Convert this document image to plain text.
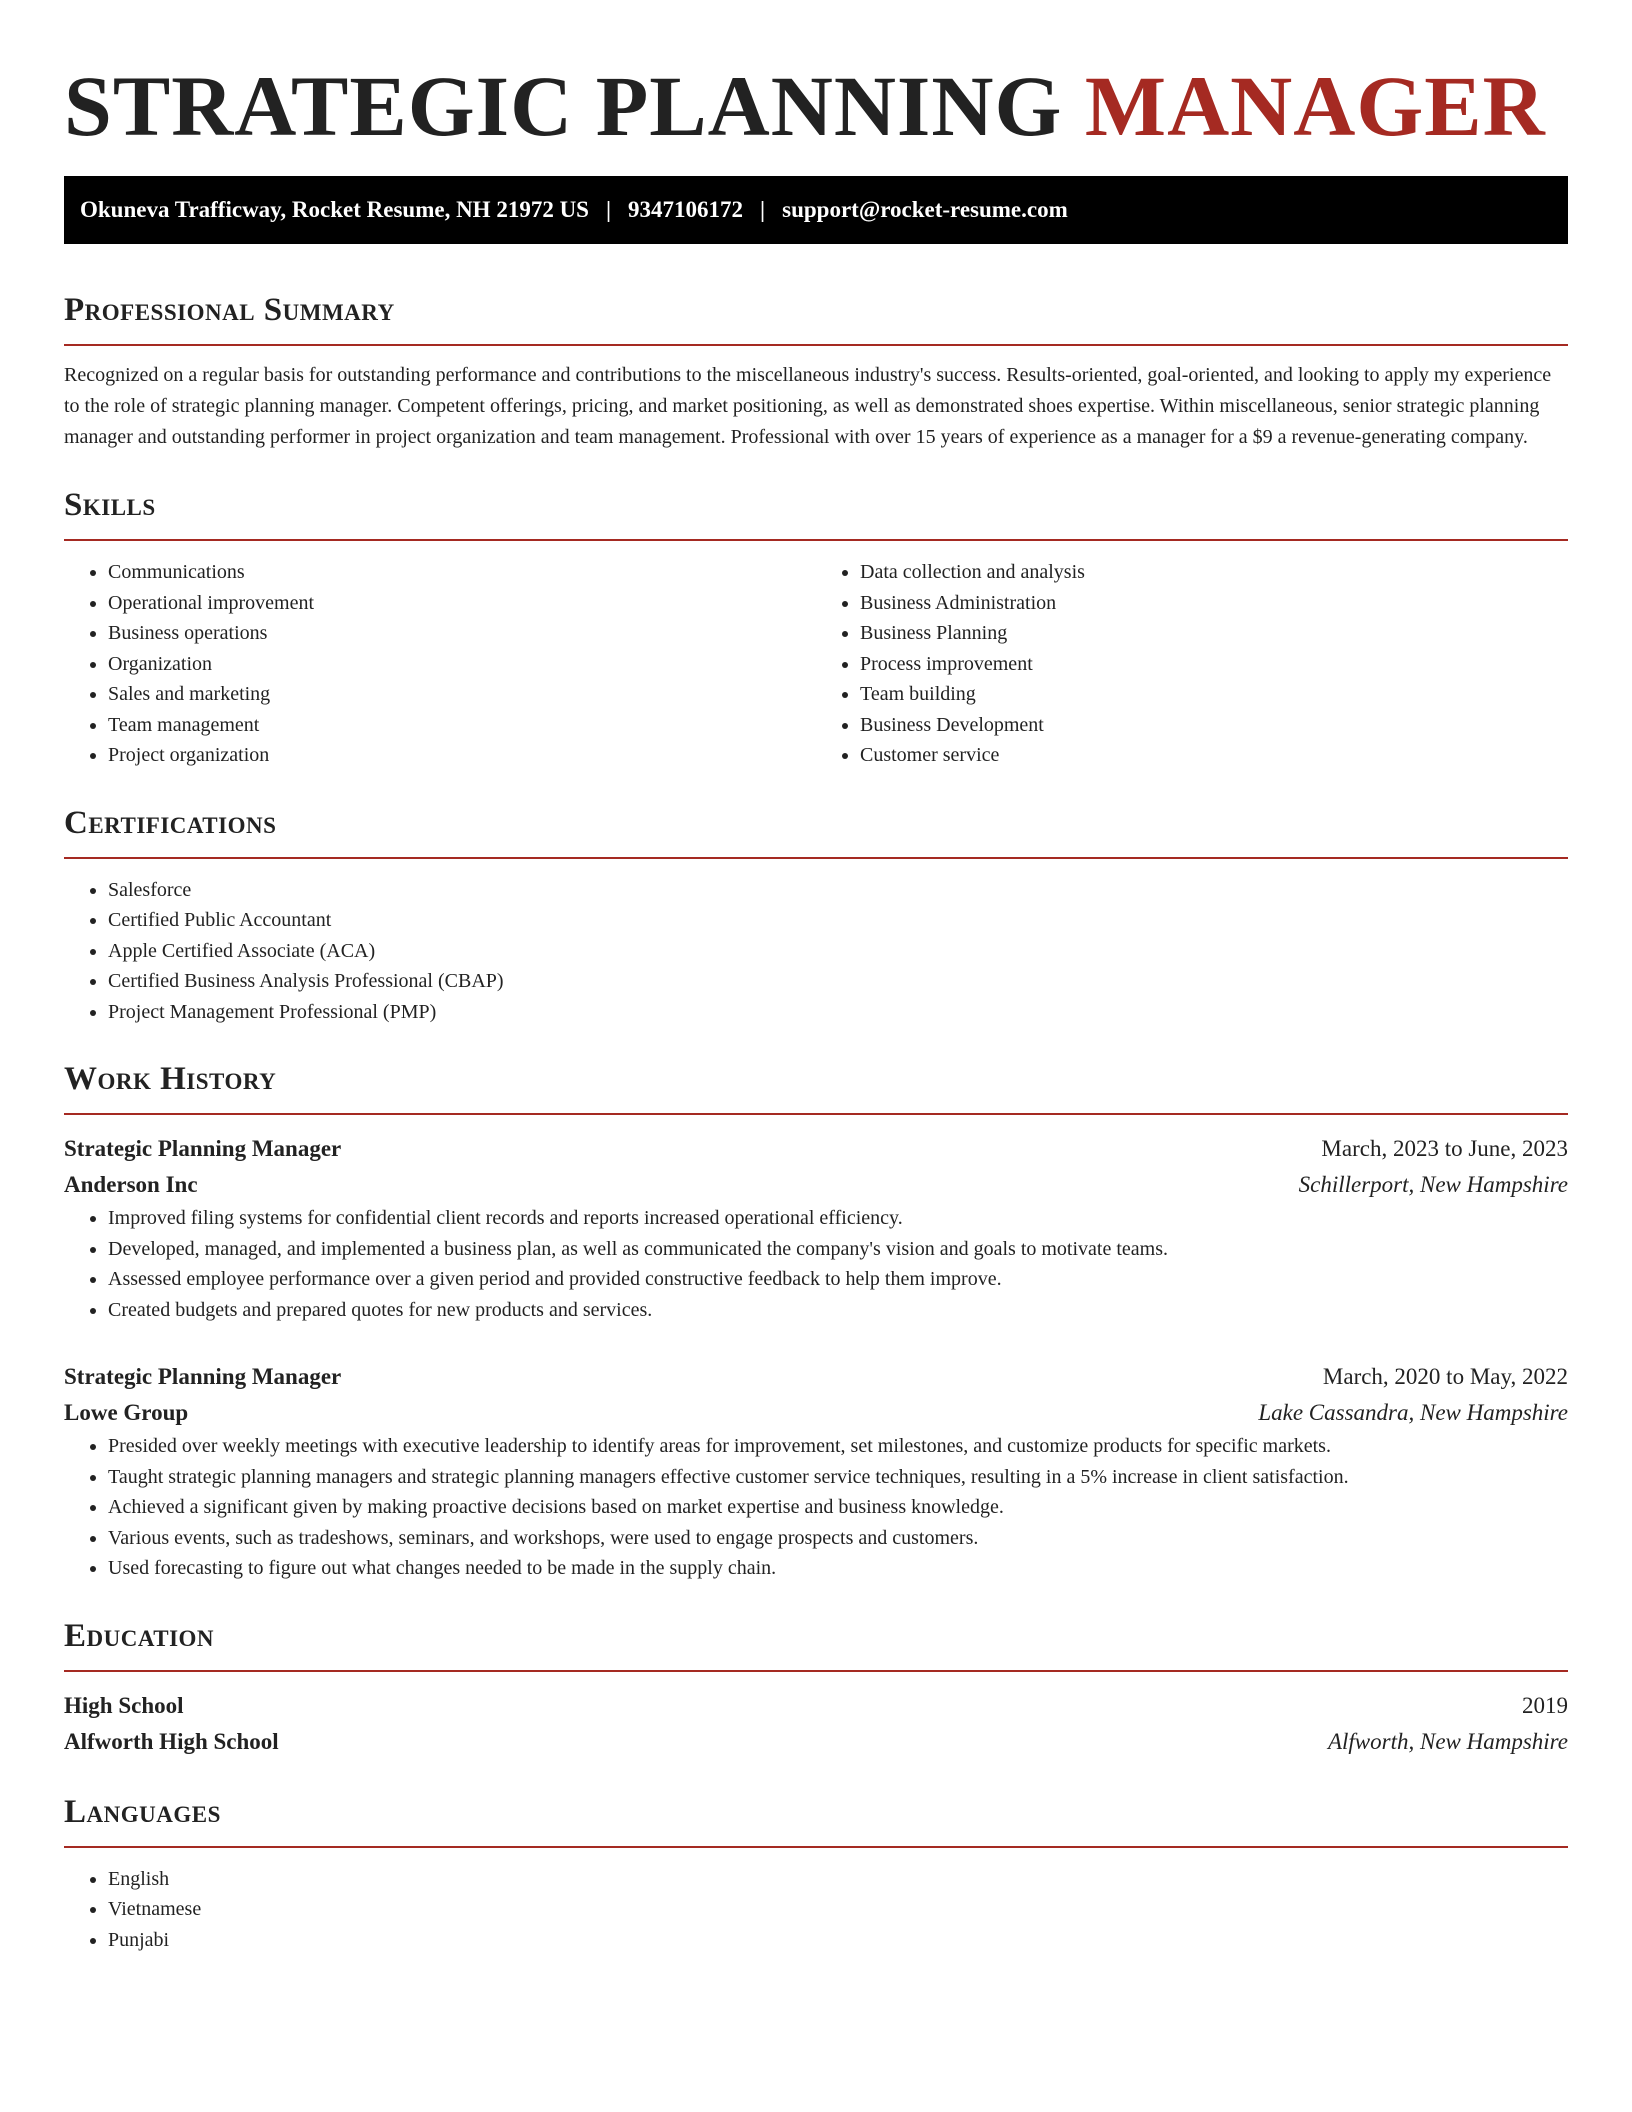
STRATEGIC PLANNING MANAGER
Okuneva Trafficway, Rocket Resume, NH 21972 US | 9347106172 | support@rocket-resume.com
Professional Summary

Recognized on a regular basis for outstanding performance and contributions to the miscellaneous industry's success. Results-oriented, goal-oriented, and looking to apply my experience to the role of strategic planning manager. Competent offerings, pricing, and market positioning, as well as demonstrated shoes expertise. Within miscellaneous, senior strategic planning manager and outstanding performer in project organization and team management. Professional with over 15 years of experience as a manager for a $9 a revenue-generating company.

Skills
• Communications
• Operational improvement
• Business operations
• Organization
• Sales and marketing
• Team management
• Project organization
• Data collection and analysis
• Business Administration
• Business Planning
• Process improvement
• Team building
• Business Development
• Customer service
Certifications
• Salesforce
• Certified Public Accountant
• Apple Certified Associate (ACA)
• Certified Business Analysis Professional (CBAP)
• Project Management Professional (PMP)
Work History
Strategic Planning Manager	March, 2023 to June, 2023
Anderson Inc	Schillerport, New Hampshire
• Improved filing systems for confidential client records and reports increased operational efficiency.
• Developed, managed, and implemented a business plan, as well as communicated the company's vision and goals to motivate teams.
• Assessed employee performance over a given period and provided constructive feedback to help them improve.
• Created budgets and prepared quotes for new products and services.
Strategic Planning Manager	March, 2020 to May, 2022
Lowe Group	Lake Cassandra, New Hampshire
• Presided over weekly meetings with executive leadership to identify areas for improvement, set milestones, and customize products for specific markets.
• Taught strategic planning managers and strategic planning managers effective customer service techniques, resulting in a 5% increase in client satisfaction.
• Achieved a significant given by making proactive decisions based on market expertise and business knowledge.
• Various events, such as tradeshows, seminars, and workshops, were used to engage prospects and customers.
• Used forecasting to figure out what changes needed to be made in the supply chain.
Education
High School	2019
Alfworth High School	Alfworth, New Hampshire
Languages
• English
• Vietnamese
• Punjabi
